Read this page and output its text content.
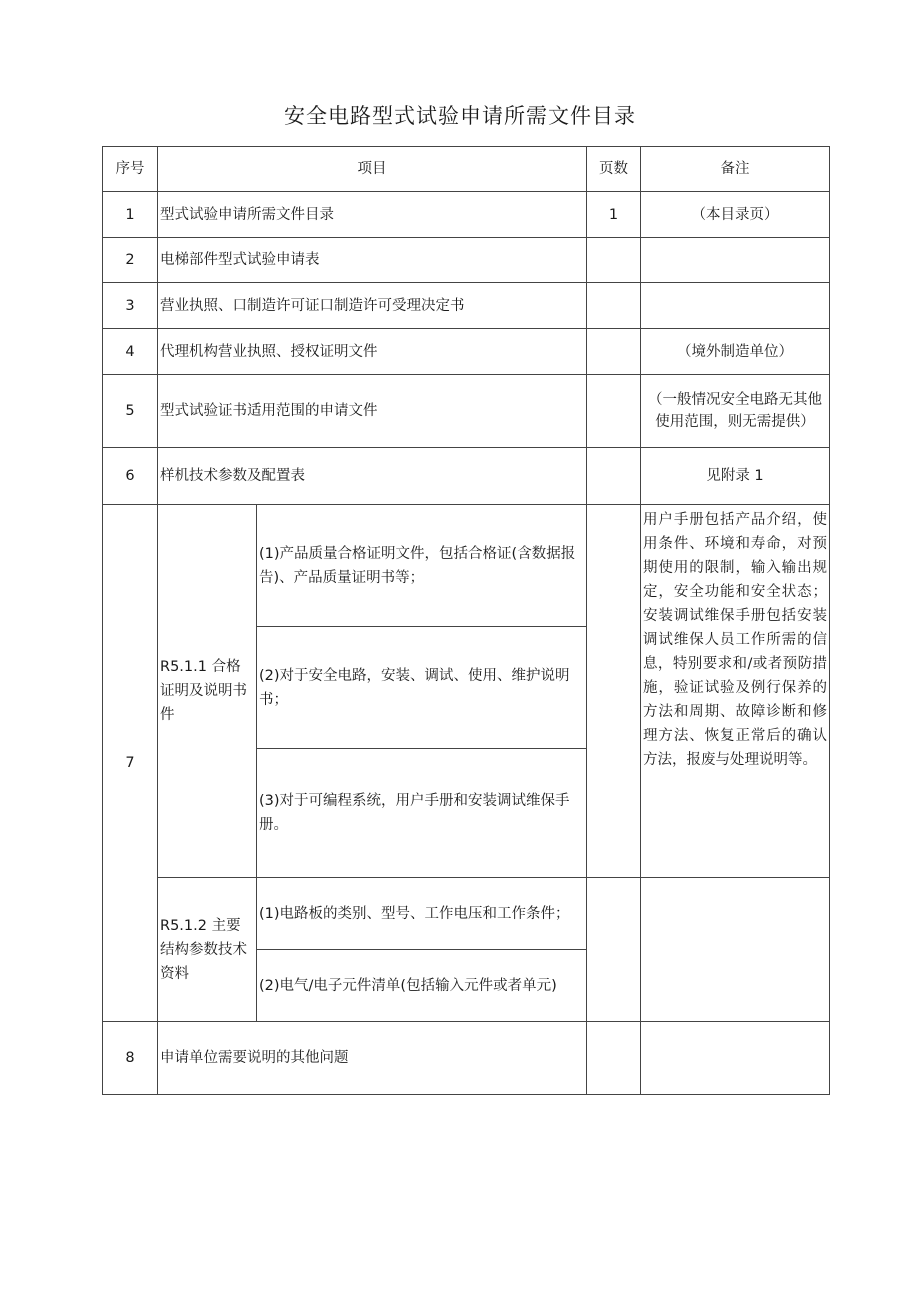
安全电路型式试验申请所需文件目录
序号	项目		页数	备注
1	型式试验申请所需文件目录		1	（本目录页）
2	电梯部件型式试验申请表			
3	营业执照、口制造许可证口制造许可受理决定书			
4	代理机构营业执照、授权证明文件			（境外制造单位）
5	型式试验证书适用范围的申请文件			（一般情况安全电路无其他使用范围，则无需提供）
6	样机技术参数及配置表			见附录 1
7	R5.1.1 合格证明及说明书件	(1)产品质量合格证明文件，包括合格证(含数据报告)、产品质量证明书等；		用户手册包括产品介绍，使用条件、环境和寿命，对预期使用的限制，输入输出规定，安全功能和安全状态；安装调试维保手册包括安装调试维保人员工作所需的信息，特别要求和/或者预防措施，验证试验及例行保养的方法和周期、故障诊断和修理方法、恢复正常后的确认方法，报废与处理说明等。
		(2)对于安全电路，安装、调试、使用、维护说明书；		
		(3)对于可编程系统，用户手册和安装调试维保手册。		
	R5.1.2 主要结构参数技术资料	(1)电路板的类别、型号、工作电压和工作条件；		
		(2)电气/电子元件清单(包括输入元件或者单元)		
8	申请单位需要说明的其他问题			
